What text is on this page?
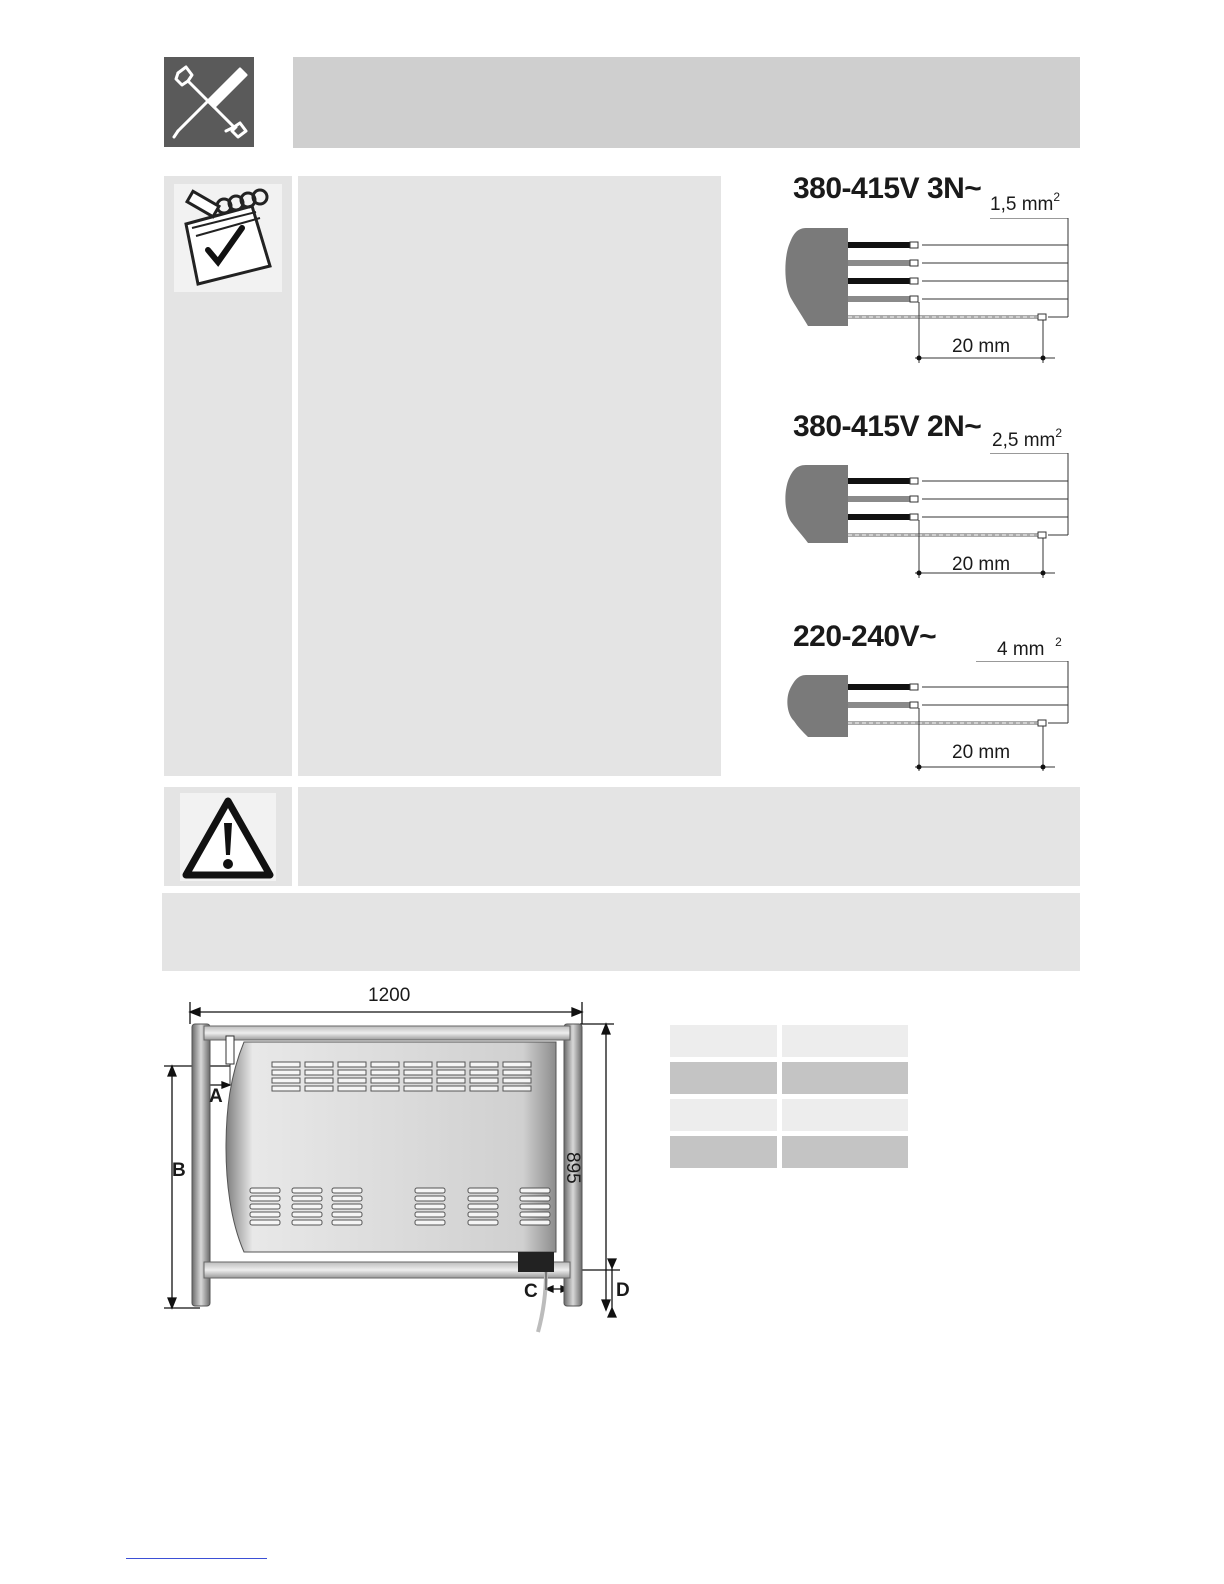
380-415V 3N~ 1,5 $mm^2$
20 mm
380-415V 2N~ 2,5 $mm^2$
20 mm
220-240V~	4 mm $^2$
20 mm
1200
895
A
B
C	D
